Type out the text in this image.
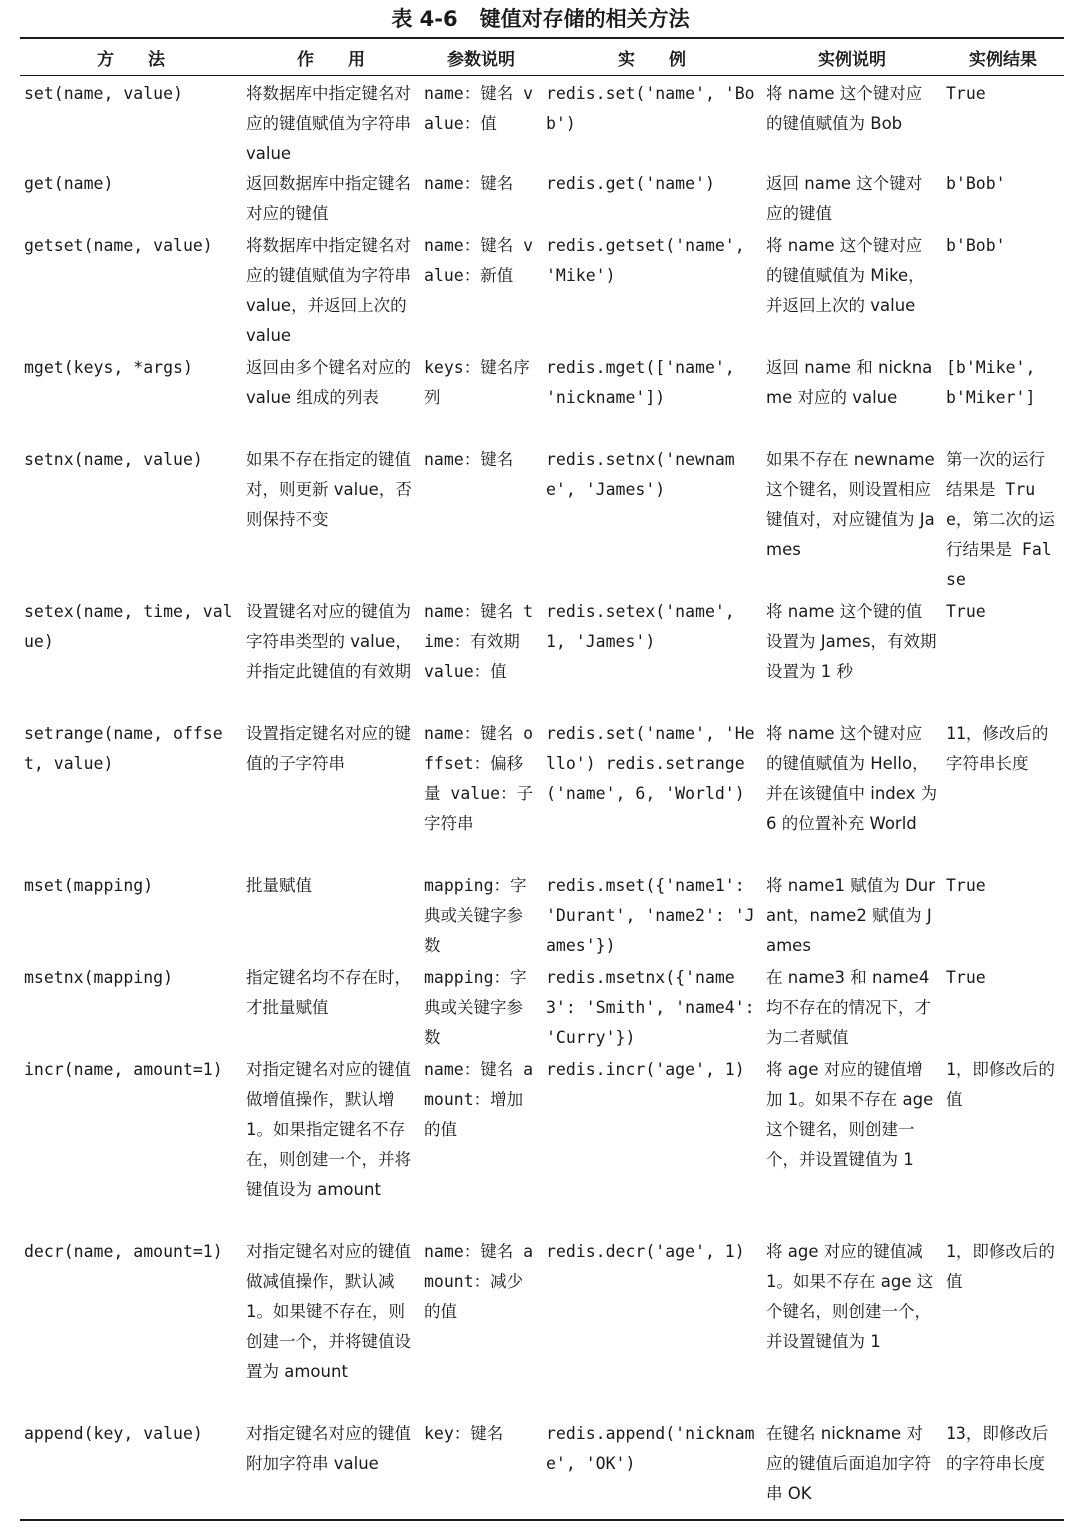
表 4-6 键值对存储的相关方法
方　　法	作　　用	参数说明	实　　例	实例说明	实例结果
set(name, value)	将数据库中指定键名对应的键值赋值为字符串 value	name：键名 value：值	redis.set('name', 'Bob')	将 name 这个键对应的键值赋值为 Bob	True
get(name)	返回数据库中指定键名对应的键值	name：键名	redis.get('name')	返回 name 这个键对应的键值	b'Bob'
getset(name, value)	将数据库中指定键名对应的键值赋值为字符串 value，并返回上次的 value	name：键名 value：新值	redis.getset('name', 'Mike')	将 name 这个键对应的键值赋值为 Mike，并返回上次的 value	b'Bob'
mget(keys, *args)	返回由多个键名对应的 value 组成的列表	keys：键名序列	redis.mget(['name', 'nickname'])	返回 name 和 nickname 对应的 value	[b'Mike', b'Miker']
setnx(name, value)	如果不存在指定的键值对，则更新 value，否则保持不变	name：键名	redis.setnx('newname', 'James')	如果不存在 newname 这个键名，则设置相应键值对，对应键值为 James	第一次的运行结果是 True，第二次的运行结果是 False
setex(name, time, value)	设置键名对应的键值为字符串类型的 value，并指定此键值的有效期	name：键名 time：有效期 value：值	redis.setex('name', 1, 'James')	将 name 这个键的值设置为 James，有效期设置为 1 秒	True
setrange(name, offset, value)	设置指定键名对应的键值的子字符串	name：键名 offset：偏移量 value：子字符串	redis.set('name', 'Hello') redis.setrange ('name', 6, 'World')	将 name 这个键对应的键值赋值为 Hello，并在该键值中 index 为 6 的位置补充 World	11，修改后的字符串长度
mset(mapping)	批量赋值	mapping：字典或关键字参数	redis.mset({'name1': 'Durant', 'name2': 'James'})	将 name1 赋值为 Durant，name2 赋值为 James	True
msetnx(mapping)	指定键名均不存在时，才批量赋值	mapping：字典或关键字参数	redis.msetnx({'name3': 'Smith', 'name4': 'Curry'})	在 name3 和 name4 均不存在的情况下，才为二者赋值	True
incr(name, amount=1)	对指定键名对应的键值做增值操作，默认增 1。如果指定键名不存在，则创建一个，并将键值设为 amount	name：键名 amount：增加的值	redis.incr('age', 1)	将 age 对应的键值增加 1。如果不存在 age 这个键名，则创建一个，并设置键值为 1	1，即修改后的值
decr(name, amount=1)	对指定键名对应的键值做减值操作，默认减 1。如果键不存在，则创建一个，并将键值设置为 amount	name：键名 amount：减少的值	redis.decr('age', 1)	将 age 对应的键值减 1。如果不存在 age 这个键名，则创建一个，并设置键值为 1	1，即修改后的值
append(key, value)	对指定键名对应的键值附加字符串 value	key：键名	redis.append('nickname', 'OK')	在键名 nickname 对应的键值后面追加字符串 OK	13，即修改后的字符串长度
